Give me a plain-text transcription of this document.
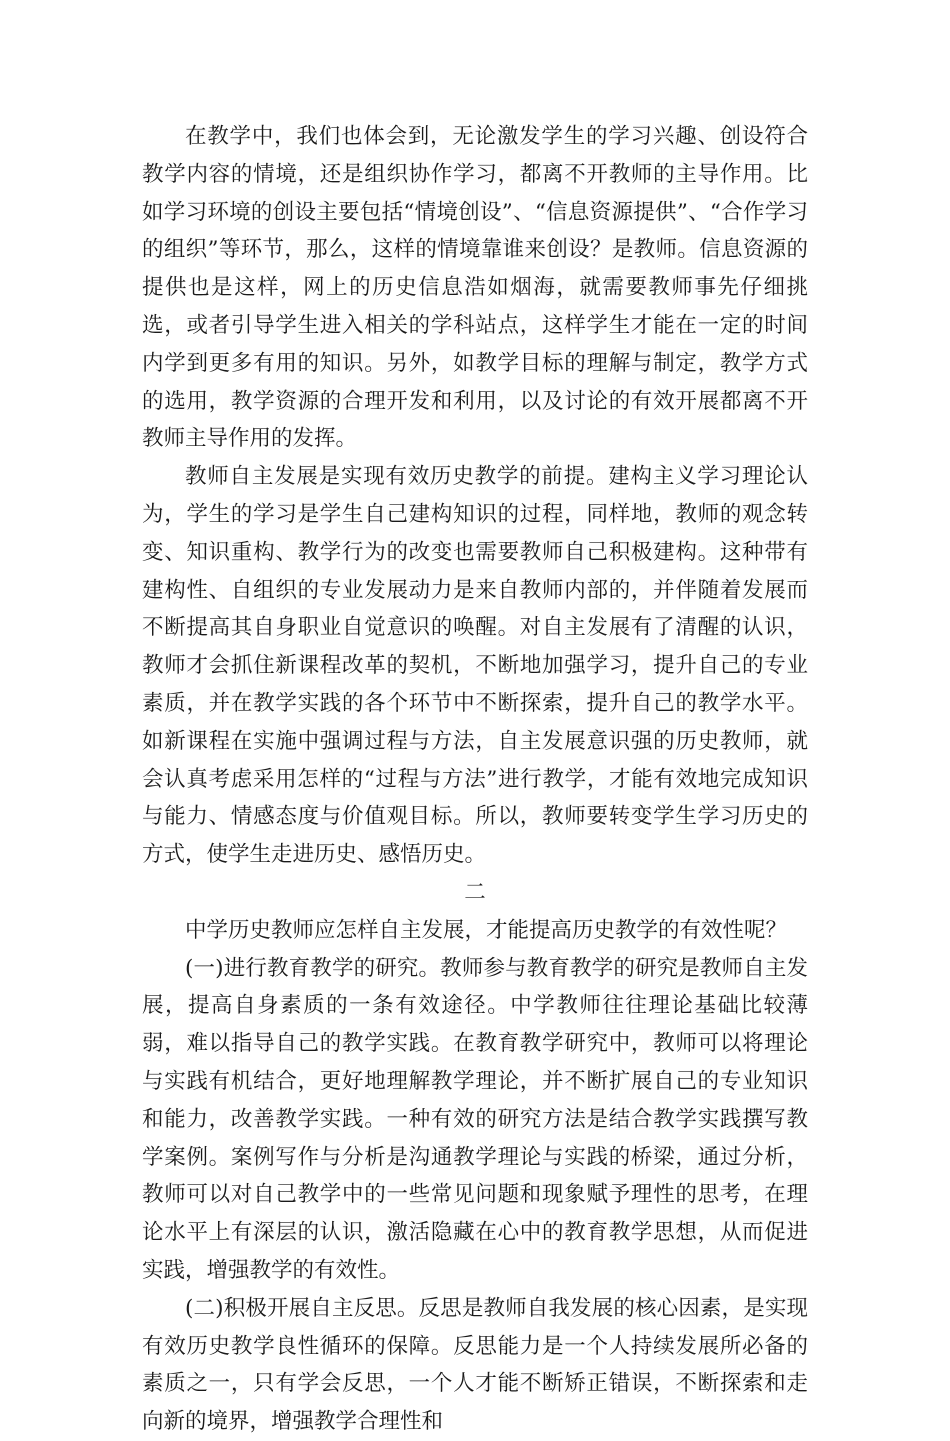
在教学中，我们也体会到，无论激发学生的学习兴趣、创设符合教学内容的情境，还是组织协作学习，都离不开教师的主导作用。比如学习环境的创设主要包括“情境创设”、“信息资源提供”、“合作学习的组织”等环节，那么，这样的情境靠谁来创设？是教师。信息资源的提供也是这样，网上的历史信息浩如烟海，就需要教师事先仔细挑选，或者引导学生进入相关的学科站点，这样学生才能在一定的时间内学到更多有用的知识。另外，如教学目标的理解与制定，教学方式的选用，教学资源的合理开发和利用，以及讨论的有效开展都离不开教师主导作用的发挥。

教师自主发展是实现有效历史教学的前提。建构主义学习理论认为，学生的学习是学生自己建构知识的过程，同样地，教师的观念转变、知识重构、教学行为的改变也需要教师自己积极建构。这种带有建构性、自组织的专业发展动力是来自教师内部的，并伴随着发展而不断提高其自身职业自觉意识的唤醒。对自主发展有了清醒的认识，教师才会抓住新课程改革的契机，不断地加强学习，提升自己的专业素质，并在教学实践的各个环节中不断探索，提升自己的教学水平。如新课程在实施中强调过程与方法，自主发展意识强的历史教师，就会认真考虑采用怎样的“过程与方法”进行教学，才能有效地完成知识与能力、情感态度与价值观目标。所以，教师要转变学生学习历史的方式，使学生走进历史、感悟历史。

二

中学历史教师应怎样自主发展，才能提高历史教学的有效性呢？

(一)进行教育教学的研究。教师参与教育教学的研究是教师自主发展，提高自身素质的一条有效途径。中学教师往往理论基础比较薄弱，难以指导自己的教学实践。在教育教学研究中，教师可以将理论与实践有机结合，更好地理解教学理论，并不断扩展自己的专业知识和能力，改善教学实践。一种有效的研究方法是结合教学实践撰写教学案例。案例写作与分析是沟通教学理论与实践的桥梁，通过分析，教师可以对自己教学中的一些常见问题和现象赋予理性的思考，在理论水平上有深层的认识，激活隐藏在心中的教育教学思想，从而促进实践，增强教学的有效性。

(二)积极开展自主反思。反思是教师自我发展的核心因素，是实现有效历史教学良性循环的保障。反思能力是一个人持续发展所必备的素质之一，只有学会反思，一个人才能不断矫正错误，不断探索和走向新的境界，增强教学合理性和
